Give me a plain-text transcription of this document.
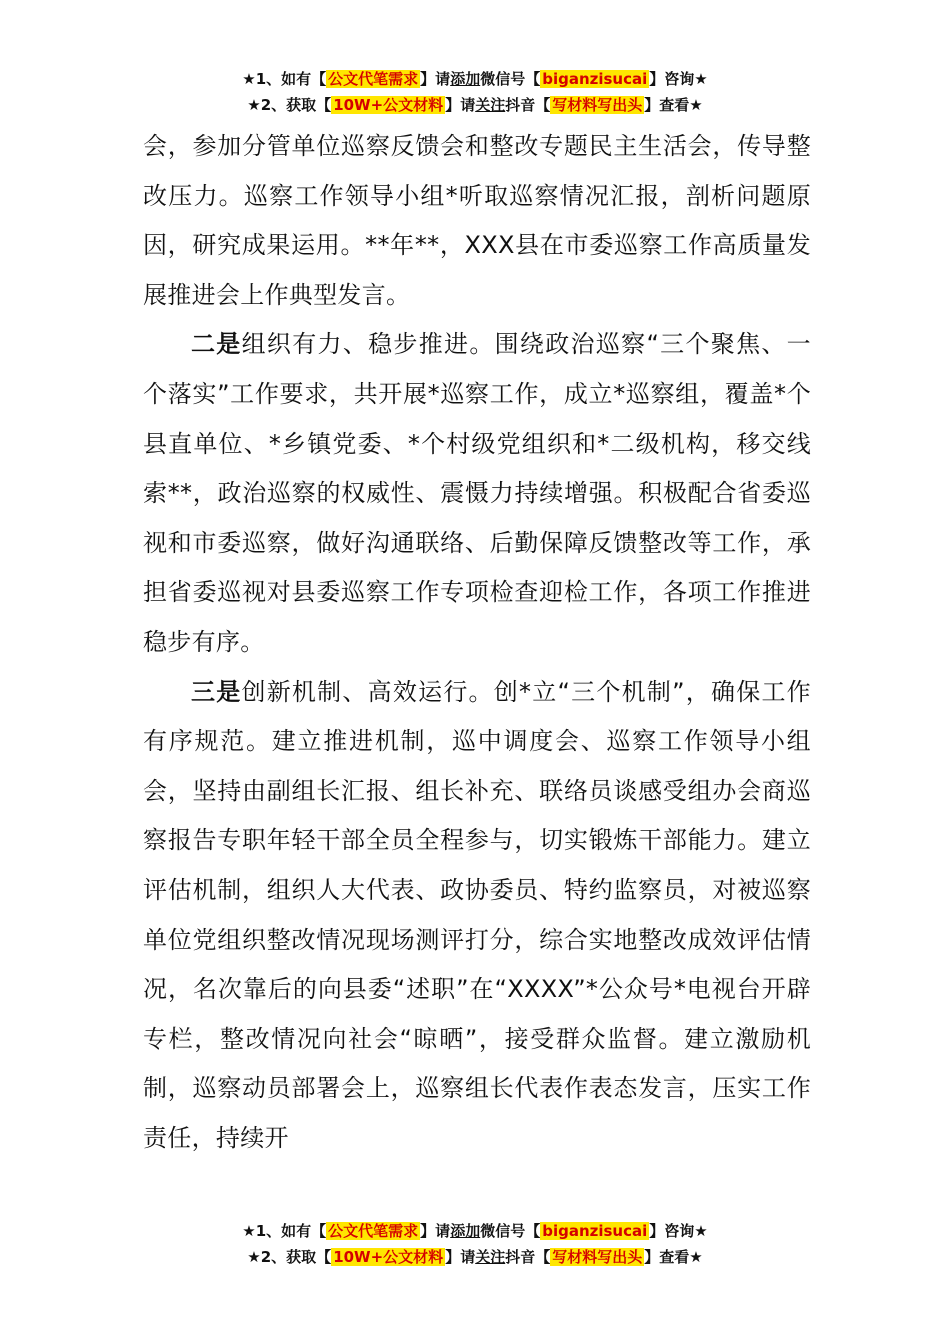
★1、如有【 公文代笔需求 】请添加微信号【 biganzisucai 】咨询★
★2、获取【 10W+公文材料 】请关注抖音【 写材料写出头 】查看★

会，参加分管单位巡察反馈会和整改专题民主生活会，传导整改压力。巡察工作领导小组*听取巡察情况汇报，剖析问题原因，研究成果运用。**年**，XXX县在市委巡察工作高质量发展推进会上作典型发言。

二是组织有力、稳步推进。围绕政治巡察“三个聚焦、一个落实”工作要求，共开展*巡察工作，成立*巡察组，覆盖*个县直单位、*乡镇党委、*个村级党组织和*二级机构，移交线索**，政治巡察的权威性、震慑力持续增强。积极配合省委巡视和市委巡察，做好沟通联络、后勤保障反馈整改等工作，承担省委巡视对县委巡察工作专项检查迎检工作，各项工作推进稳步有序。

三是创新机制、高效运行。创*立“三个机制”，确保工作有序规范。建立推进机制，巡中调度会、巡察工作领导小组会，坚持由副组长汇报、组长补充、联络员谈感受组办会商巡察报告专职年轻干部全员全程参与，切实锻炼干部能力。建立评估机制，组织人大代表、政协委员、特约监察员，对被巡察单位党组织整改情况现场测评打分，综合实地整改成效评估情况，名次靠后的向县委“述职”在“XXXX”*公众号*电视台开辟专栏，整改情况向社会“晾晒”，接受群众监督。建立激励机制，巡察动员部署会上，巡察组长代表作表态发言，压实工作责任，持续开

★1、如有【 公文代笔需求 】请添加微信号【 biganzisucai 】咨询★
★2、获取【 10W+公文材料 】请关注抖音【 写材料写出头 】查看★
